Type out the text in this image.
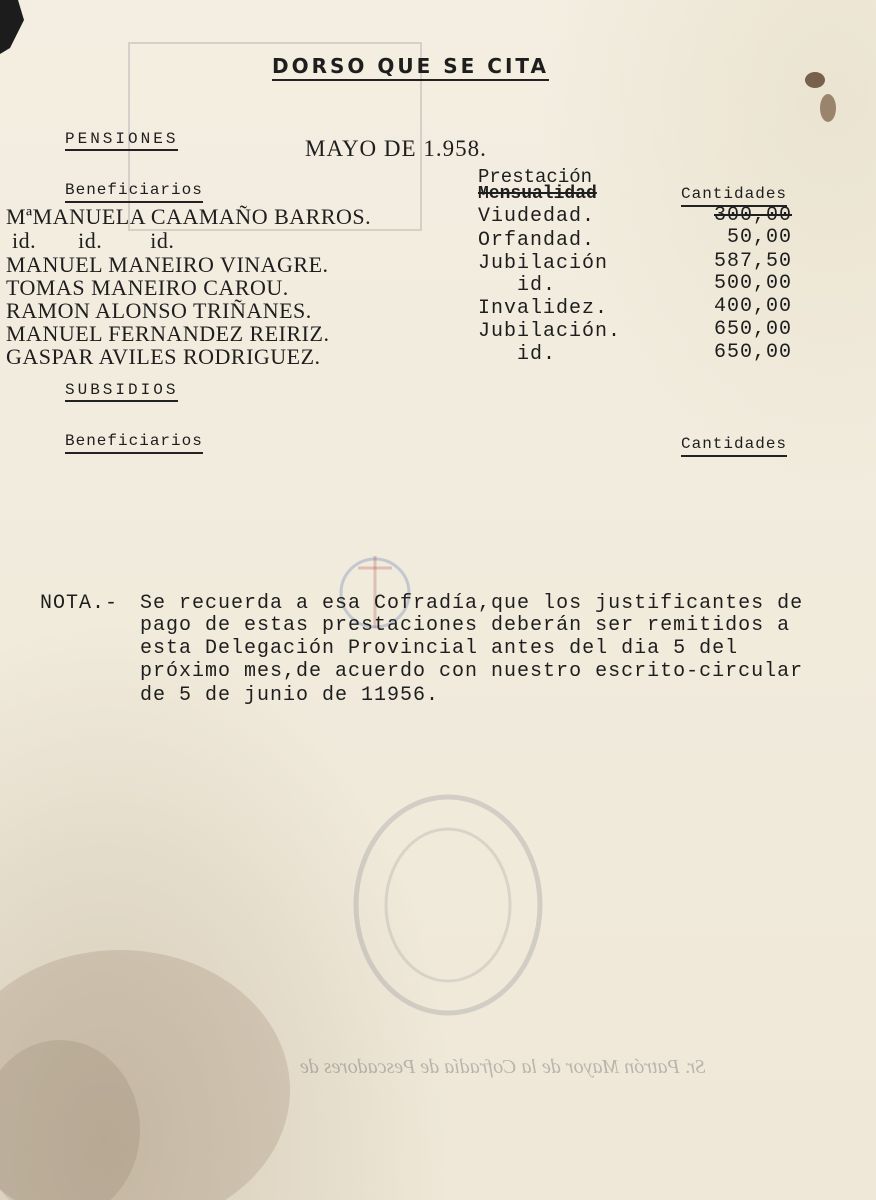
DORSO QUE SE CITA
PENSIONES	MAYO DE 1.958.
Beneficiarios
Prestación
Mensualidad	Cantidades
MªMANUELA CAAMAÑO BARROS.	Viudedad.	300,00
id.       id.        id.	Orfandad.	50,00
MANUEL MANEIRO VINAGRE.	Jubilación	587,50
TOMAS MANEIRO CAROU.	id.	500,00
RAMON ALONSO TRIÑANES.	Invalidez.	400,00
MANUEL FERNANDEZ REIRIZ.	Jubilación.	650,00
GASPAR AVILES RODRIGUEZ.	id.	650,00
SUBSIDIOS
Beneficiarios	Cantidades
NOTA.- Se recuerda a esa Cofradía,que los justificantes de
pago de estas prestaciones deberán ser remitidos a
esta Delegación Provincial antes del dia 5 del
próximo mes,de acuerdo con nuestro escrito-circular
de 5 de junio de 11956.
Sr. Patrón Mayor de la Cofradía de Pescadores de
